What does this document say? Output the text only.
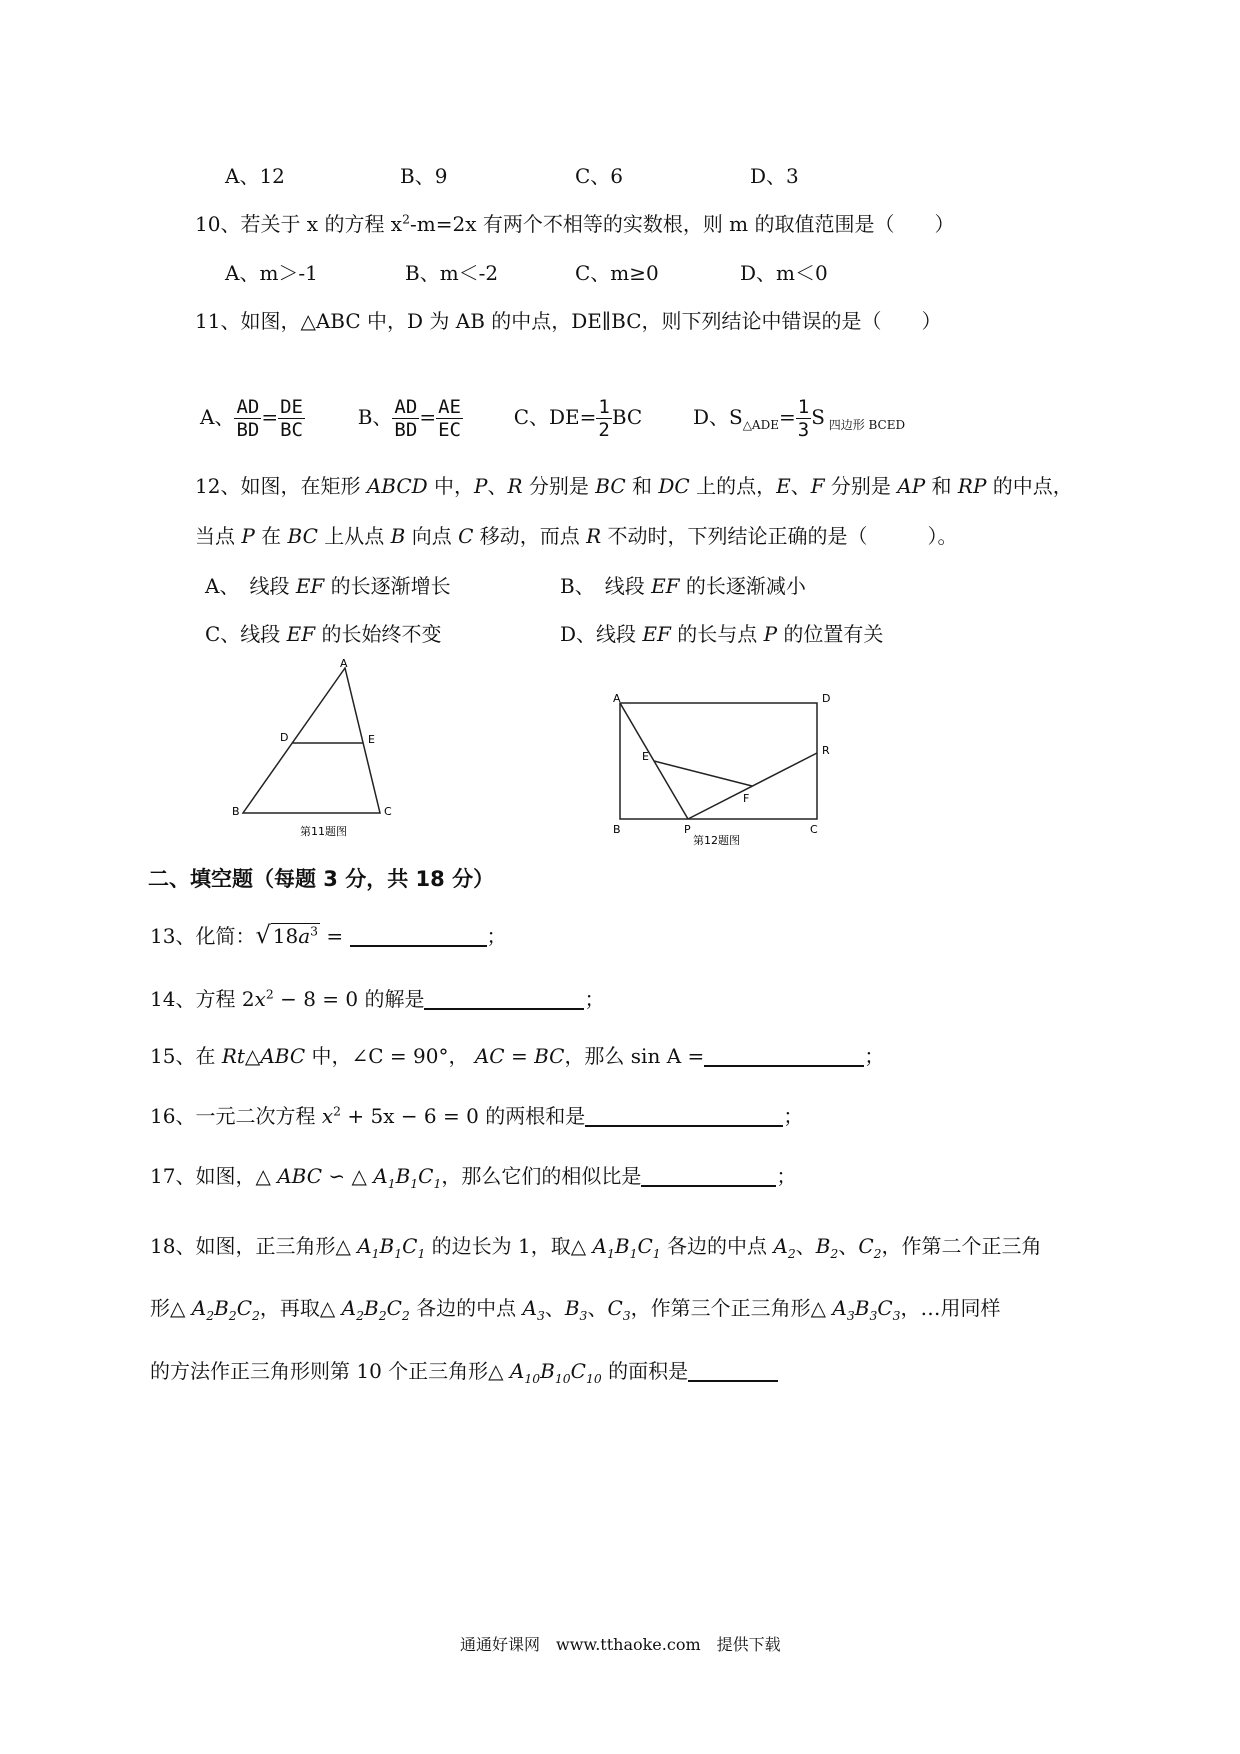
A、12	B、9	C、6	D、3
10、若关于 x 的方程 $x^2-m=2x$ 有两个不相等的实数根，则 m 的取值范围是（　　）
A、m＞-1	B、m＜-2	C、m≥0	D、m＜0
11、如图，△ABC 中，D 为 AB 的中点，DE∥BC，则下列结论中错误的是（　　）
A、 $\frac{AD}{BD} = \frac{DE}{BC}$	B、 $\frac{AD}{BD} = \frac{AE}{EC}$	C、$DE= \frac{1}{2}$ BC	D、$S_{\triangle ADE}= \frac{1}{3}$ S $_{四边形 BCED}$
12、如图，在矩形 ABCD 中，P、R 分别是 BC 和 DC 上的点，E、F 分别是 AP 和 RP 的中点，
当点 P 在 BC 上从点 B 向点 C 移动，而点 R 不动时，下列结论正确的是（　　　）。
A、　线段 EF 的长逐渐增长	B、　线段 EF 的长逐渐减小
C、线段 EF 的长始终不变	D、线段 EF 的长与点 P 的位置有关
A
D	E
B	C
第11题图
A	D
E	R
F
B	P	C
第12题图
二、填空题（每题 3 分，共 18 分）
13、化简：√ $18a^3$ =	；
14、方程 $2x^2 - 8 = 0$ 的解是	；
15、在 Rt△ABC 中，∠C = 90°， AC = BC，那么 sin A =	；
16、一元二次方程 $x^2 + 5x - 6 = 0$ 的两根和是	；
17、如图，△ ABC ∽ △ $A_1B_1C_1$，那么它们的相似比是	；
18、如图，正三角形△ $A_1B_1C_1$ 的边长为 1，取△ $A_1B_1C_1$ 各边的中点 $A_2$、$B_2$、$C_2$，作第二个正三角
形△ $A_2B_2C_2$，再取△ $A_2B_2C_2$ 各边的中点 $A_3$、$B_3$、$C_3$，作第三个正三角形△ $A_3B_3C_3$，…用同样
的方法作正三角形则第 10 个正三角形△ $A_{10}B_{10}C_{10}$ 的面积是
通通好课网　www.tthaoke.com　提供下载
